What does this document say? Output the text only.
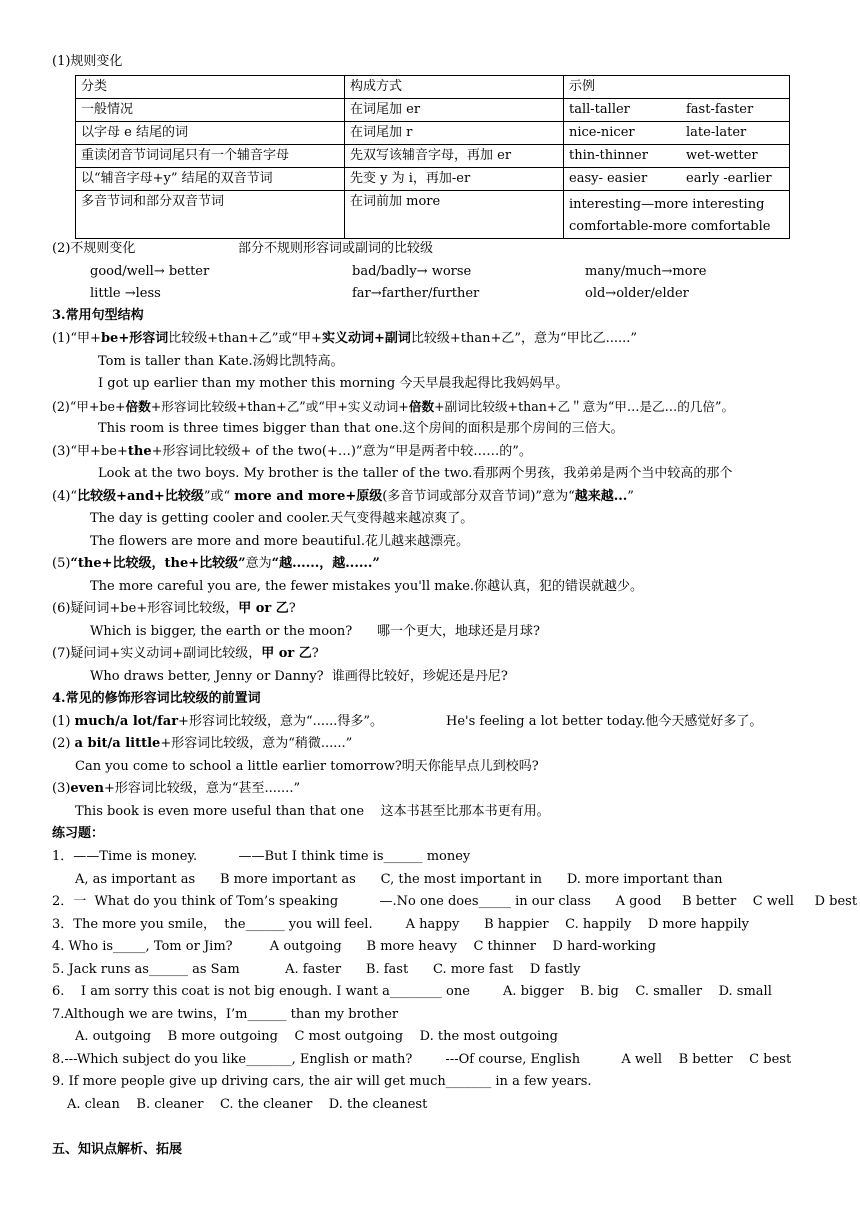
(1)规则变化
分类	构成方式	示例
一般情况	在词尾加 er	tall-taller fast-faster
以字母 e 结尾的词	在词尾加 r	nice-nicer late-later
重读闭音节词词尾只有一个辅音字母	先双写该辅音字母，再加 er	thin-thinner wet-wetter
以“辅音字母+y” 结尾的双音节词	先变 y 为 i，再加-er	easy- easier early -earlier
多音节词和部分双音节词	在词前加 more	interesting—more interesting
comfortable-more comfortable
(2)不规则变化	部分不规则形容词或副词的比较级
good/well→ better	bad/badly→ worse	many/much→more
little →less	far→farther/further	old→older/elder
3.常用句型结构
(1)“甲+be+形容词比较级+than+乙”或“甲+实义动词+副词比较级+than+乙”，意为“甲比乙......”
Tom is taller than Kate.汤姆比凯特高。
I got up earlier than my mother this morning 今天早晨我起得比我妈妈早。
(2)“甲+be+倍数+形容词比较级+than+乙”或“甲+实义动词+倍数+副词比较级+than+乙＂意为“甲…是乙…的几倍”。
This room is three times bigger than that one.这个房间的面积是那个房间的三倍大。
(3)“甲+be+the+形容词比较级+ of the two(+…)”意为“甲是两者中较……的”。
Look at the two boys. My brother is the taller of the two.看那两个男孩，我弟弟是两个当中较高的那个
(4)“比较级+and+比较级”或“ more and more+原级(多音节词或部分双音节词)”意为“越来越...”
The day is getting cooler and cooler.天气变得越来越凉爽了。
The flowers are more and more beautiful.花儿越来越漂亮。
(5)“the+比较级，the+比较级”意为“越......，越......”
The more careful you are, the fewer mistakes you'll make.你越认真，犯的错误就越少。
(6)疑问词+be+形容词比较级，甲 or 乙?
Which is bigger, the earth or the moon?      哪一个更大，地球还是月球?
(7)疑问词+实义动词+副词比较级，甲 or 乙?
Who draws better, Jenny or Danny?  谁画得比较好，珍妮还是丹尼?
4.常见的修饰形容词比较级的前置词
(1) much/a lot/far+形容词比较级，意为“......得多”。	He's feeling a lot better today.他今天感觉好多了。
(2) a bit/a little+形容词比较级，意为“稍微......”
Can you come to school a little earlier tomorrow?明天你能早点儿到校吗?
(3)even+形容词比较级，意为“甚至.......”
This book is even more useful than that one    这本书甚至比那本书更有用。
练习题：
1．——Time is money.          ——But I think time is______ money
A, as important as      B more important as      C, the most important in      D. more important than
2．一  What do you think of Tom’s speaking          —.No one does_____ in our class      A good     B better    C well     D best
3．The more you smile，  the______ you will feel.        A happy      B happier    C. happily    D more happily
4. Who is_____, Tom or Jim?         A outgoing      B more heavy    C thinner    D hard-working
5. Jack runs as______ as Sam           A. faster      B. fast      C. more fast    D fastly
6.    I am sorry this coat is not big enough. I want a________ one        A. bigger    B. big    C. smaller    D. small
7.Although we are twins，I’m______ than my brother
A. outgoing    B more outgoing    C most outgoing    D. the most outgoing
8.---Which subject do you like_______, English or math?        ---Of course, English          A well    B better    C best
9. If more people give up driving cars, the air will get much_______ in a few years.
A. clean    B. cleaner    C. the cleaner    D. the cleanest
五、知识点解析、拓展
